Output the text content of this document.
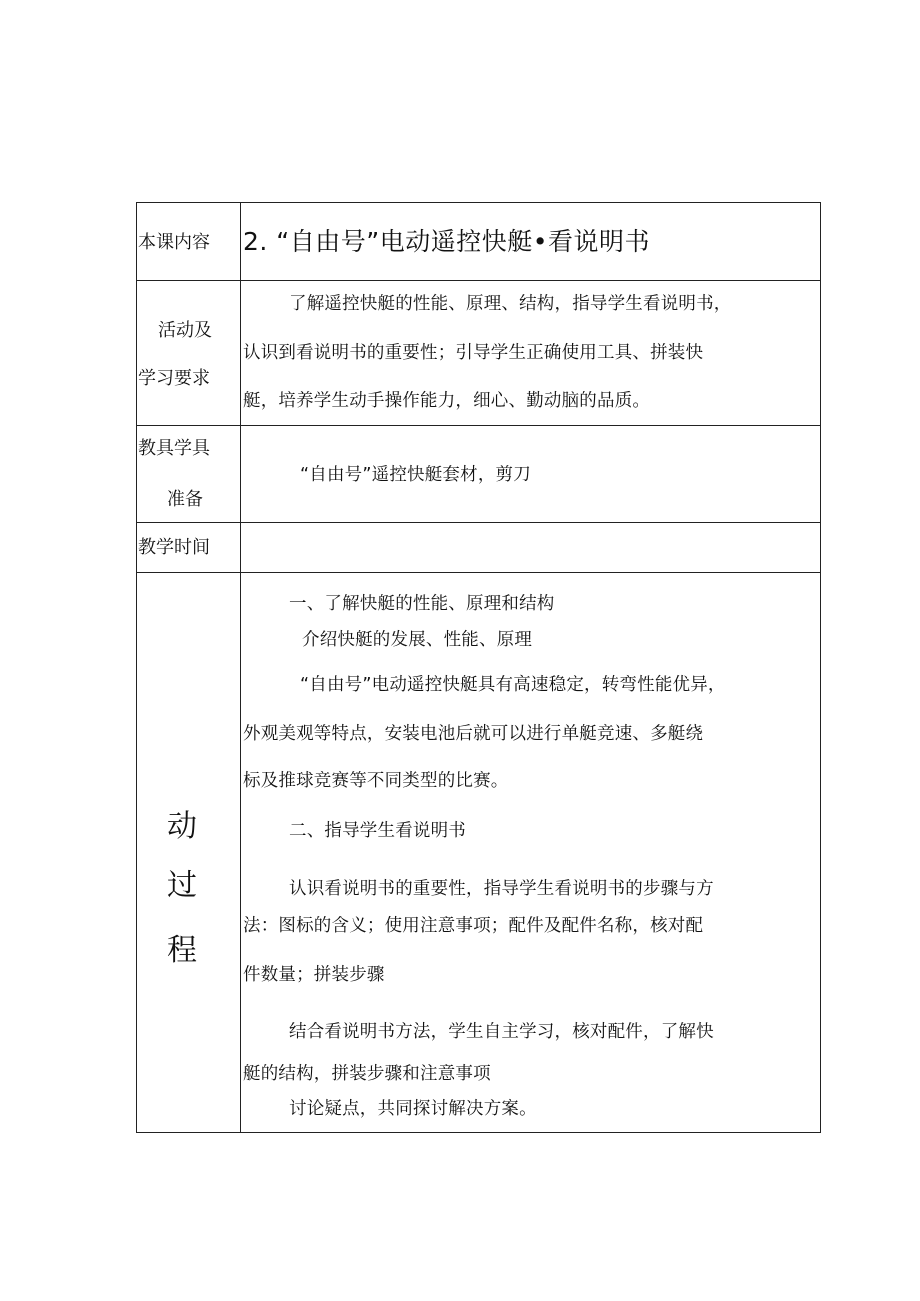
本课内容 2. “自由号”电动遥控快艇•看说明书
活动及
学习要求
了解遥控快艇的性能、原理、结构，指导学生看说明书，
认识到看说明书的重要性；引导学生正确使用工具、拼装快
艇，培养学生动手操作能力，细心、勤动脑的品质。
教具学具
准备
“自由号”遥控快艇套材，剪刀
教学时间
动
过
程
一、了解快艇的性能、原理和结构
介绍快艇的发展、性能、原理
“自由号”电动遥控快艇具有高速稳定，转弯性能优异，
外观美观等特点，安装电池后就可以进行单艇竞速、多艇绕
标及推球竞赛等不同类型的比赛。
二、指导学生看说明书
认识看说明书的重要性，指导学生看说明书的步骤与方
法：图标的含义；使用注意事项；配件及配件名称，核对配
件数量；拼装步骤
结合看说明书方法，学生自主学习，核对配件，了解快
艇的结构，拼装步骤和注意事项
讨论疑点，共同探讨解决方案。
